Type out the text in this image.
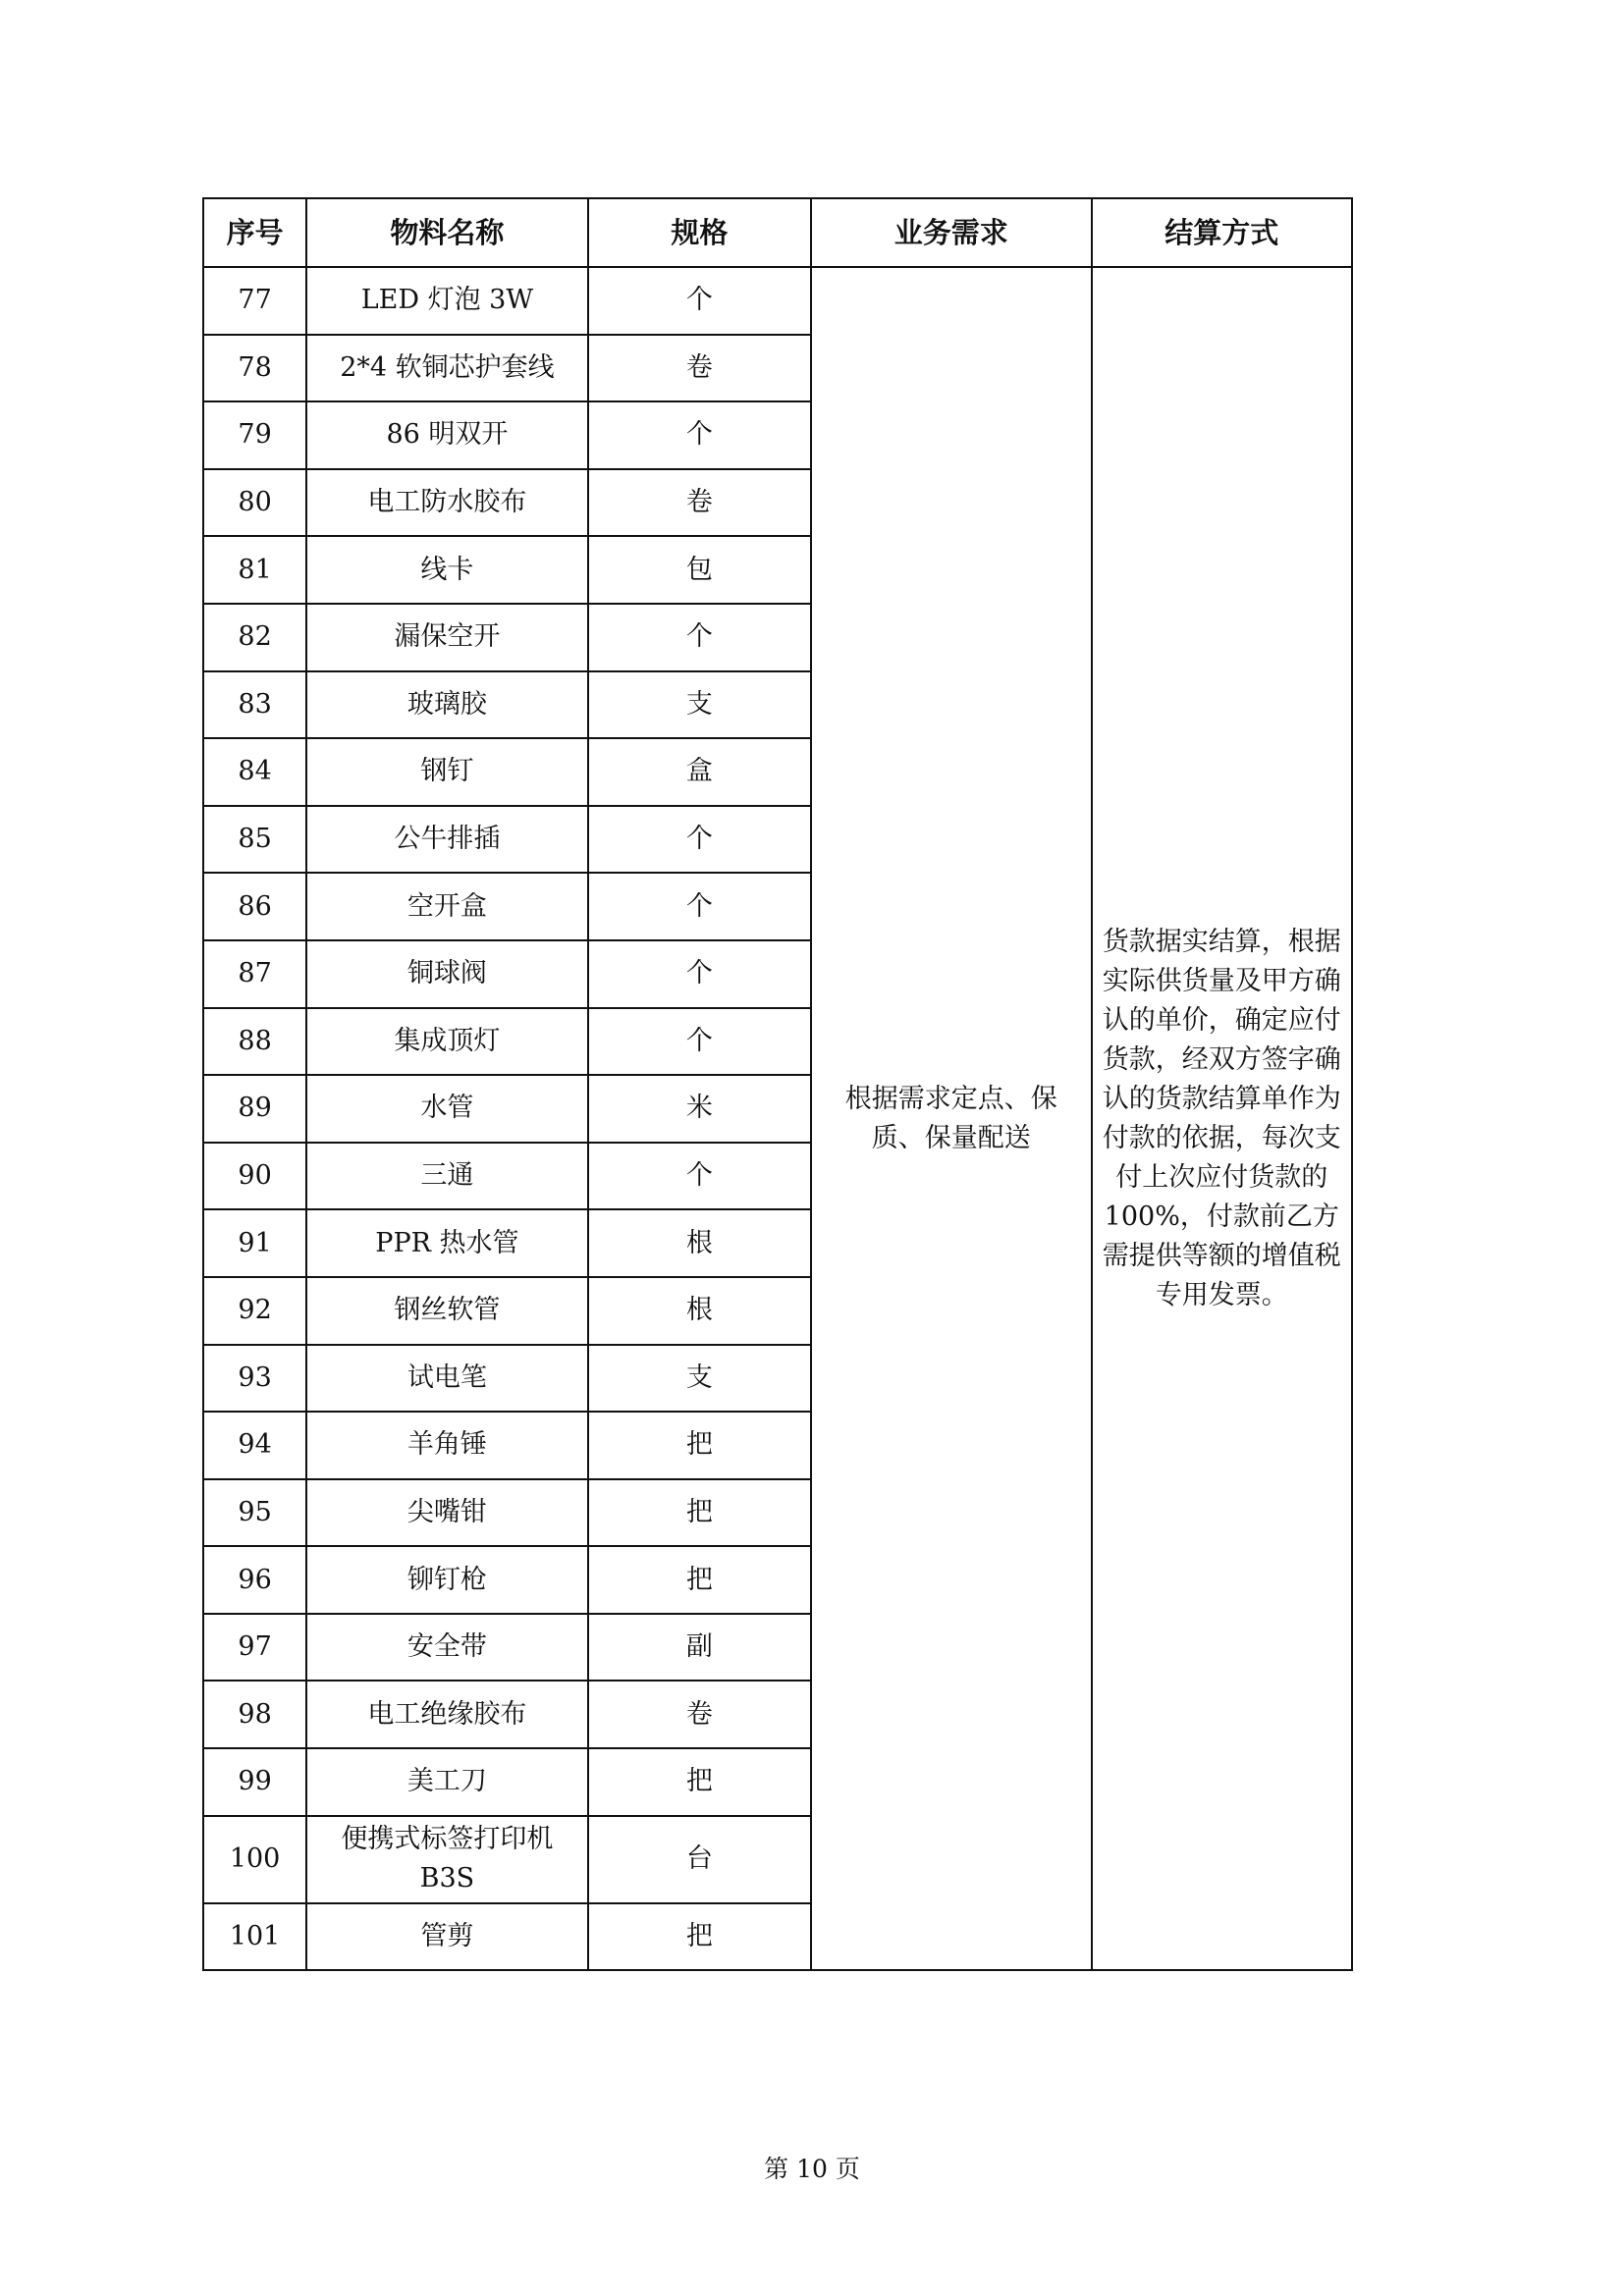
序号	物料名称	规格	业务需求	结算方式
77	LED 灯泡 3W	个	根据需求定点、保质、保量配送	货款据实结算，根据实际供货量及甲方确认的单价，确定应付货款，经双方签字确认的货款结算单作为付款的依据，每次支付上次应付货款的100%，付款前乙方需提供等额的增值税专用发票。
78	2*4 软铜芯护套线	卷		
79	86 明双开	个		
80	电工防水胶布	卷		
81	线卡	包		
82	漏保空开	个		
83	玻璃胶	支		
84	钢钉	盒		
85	公牛排插	个		
86	空开盒	个		
87	铜球阀	个		
88	集成顶灯	个		
89	水管	米		
90	三通	个		
91	PPR 热水管	根		
92	钢丝软管	根		
93	试电笔	支		
94	羊角锤	把		
95	尖嘴钳	把		
96	铆钉枪	把		
97	安全带	副		
98	电工绝缘胶布	卷		
99	美工刀	把		
100	便携式标签打印机 B3S	台		
101	管剪	把		
第 10 页
